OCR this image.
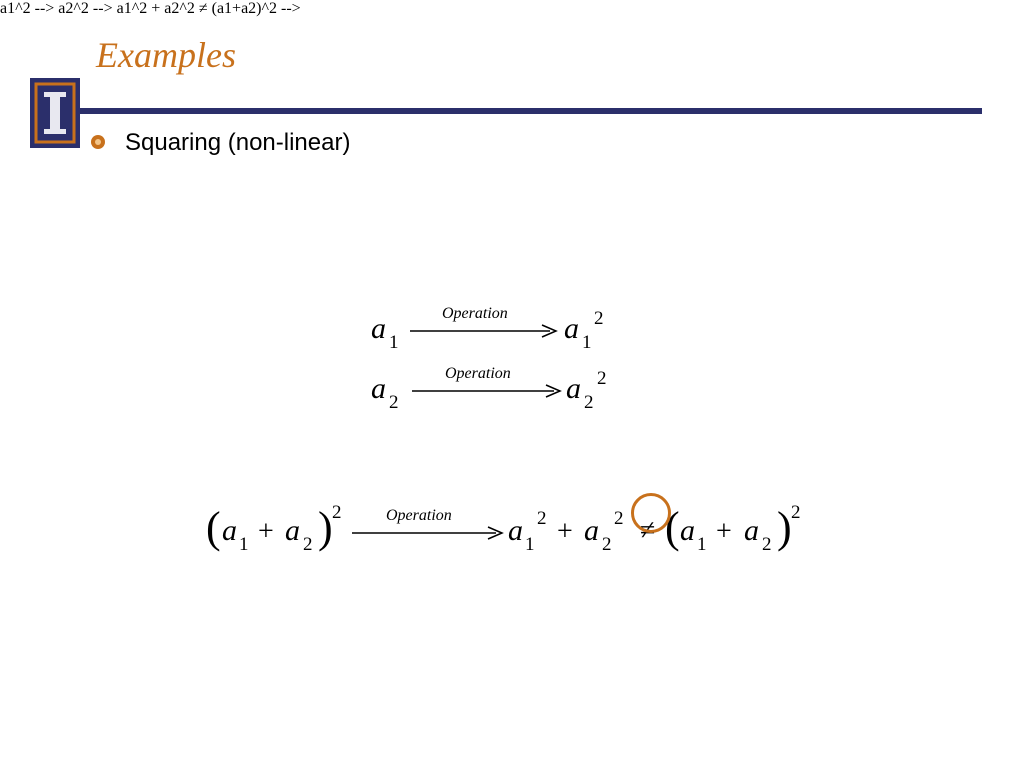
Examples
Squaring (non-linear)
a1^2 -->
a 1
Operation a 1
2
a2^2 -->
a 2
Operation a 2
2
a1^2 + a2^2 ≠ (a1+a2)^2 -->
( a 1 + a 2 ) 2	Operation a 1
2 + a 2
2 ≠ ( a 1 + a 2 ) 2
